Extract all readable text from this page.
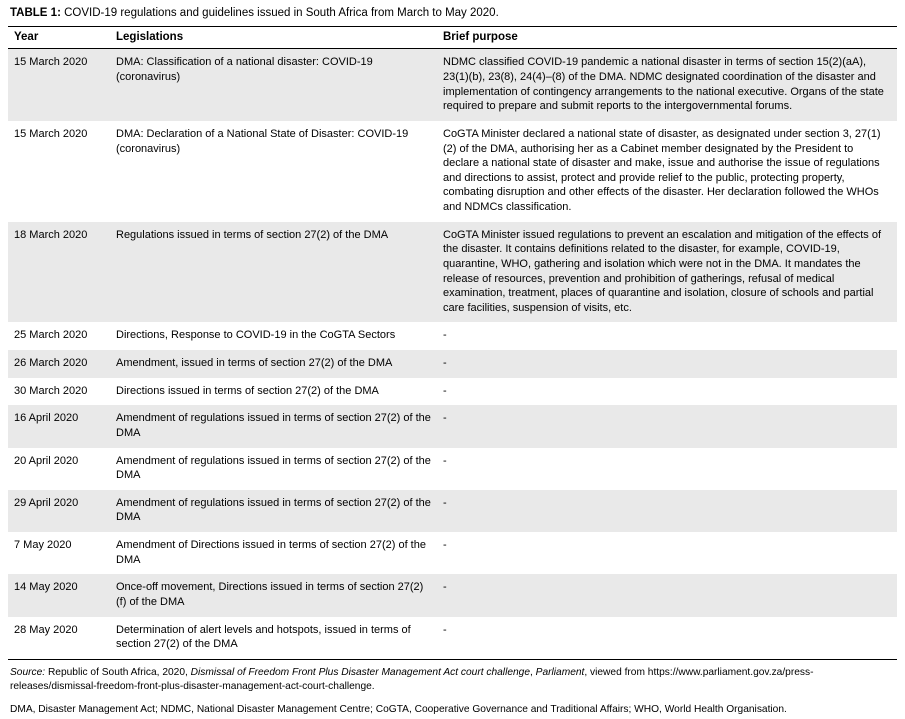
TABLE 1: COVID-19 regulations and guidelines issued in South Africa from March to May 2020.
Year	Legislations	Brief purpose
15 March 2020	DMA: Classification of a national disaster: COVID-19 (coronavirus)	NDMC classified COVID-19 pandemic a national disaster in terms of section 15(2)(aA), 23(1)(b), 23(8), 24(4)–(8) of the DMA. NDMC designated coordination of the disaster and implementation of contingency arrangements to the national executive. Organs of the state required to prepare and submit reports to the intergovernmental forums.
15 March 2020	DMA: Declaration of a National State of Disaster: COVID-19 (coronavirus)	CoGTA Minister declared a national state of disaster, as designated under section 3, 27(1)(2) of the DMA, authorising her as a Cabinet member designated by the President to declare a national state of disaster and make, issue and authorise the issue of regulations and directions to assist, protect and provide relief to the public, protecting property, combating disruption and other effects of the disaster. Her declaration followed the WHOs and NDMCs classification.
18 March 2020	Regulations issued in terms of section 27(2) of the DMA	CoGTA Minister issued regulations to prevent an escalation and mitigation of the effects of the disaster. It contains definitions related to the disaster, for example, COVID-19, quarantine, WHO, gathering and isolation which were not in the DMA. It mandates the release of resources, prevention and prohibition of gatherings, refusal of medical examination, treatment, places of quarantine and isolation, closure of schools and partial care facilities, suspension of visits, etc.
25 March 2020	Directions, Response to COVID-19 in the CoGTA Sectors	-
26 March 2020	Amendment, issued in terms of section 27(2) of the DMA	-
30 March 2020	Directions issued in terms of section 27(2) of the DMA	-
16 April 2020	Amendment of regulations issued in terms of section 27(2) of the DMA	-
20 April 2020	Amendment of regulations issued in terms of section 27(2) of the DMA	-
29 April 2020	Amendment of regulations issued in terms of section 27(2) of the DMA	-
7 May 2020	Amendment of Directions issued in terms of section 27(2) of the DMA	-
14 May 2020	Once-off movement, Directions issued in terms of section 27(2)(f) of the DMA	-
28 May 2020	Determination of alert levels and hotspots, issued in terms of section 27(2) of the DMA	-
Source: Republic of South Africa, 2020, Dismissal of Freedom Front Plus Disaster Management Act court challenge, Parliament, viewed from https://www.parliament.gov.za/press-releases/dismissal-freedom-front-plus-disaster-management-act-court-challenge.
DMA, Disaster Management Act; NDMC, National Disaster Management Centre; CoGTA, Cooperative Governance and Traditional Affairs; WHO, World Health Organisation.
